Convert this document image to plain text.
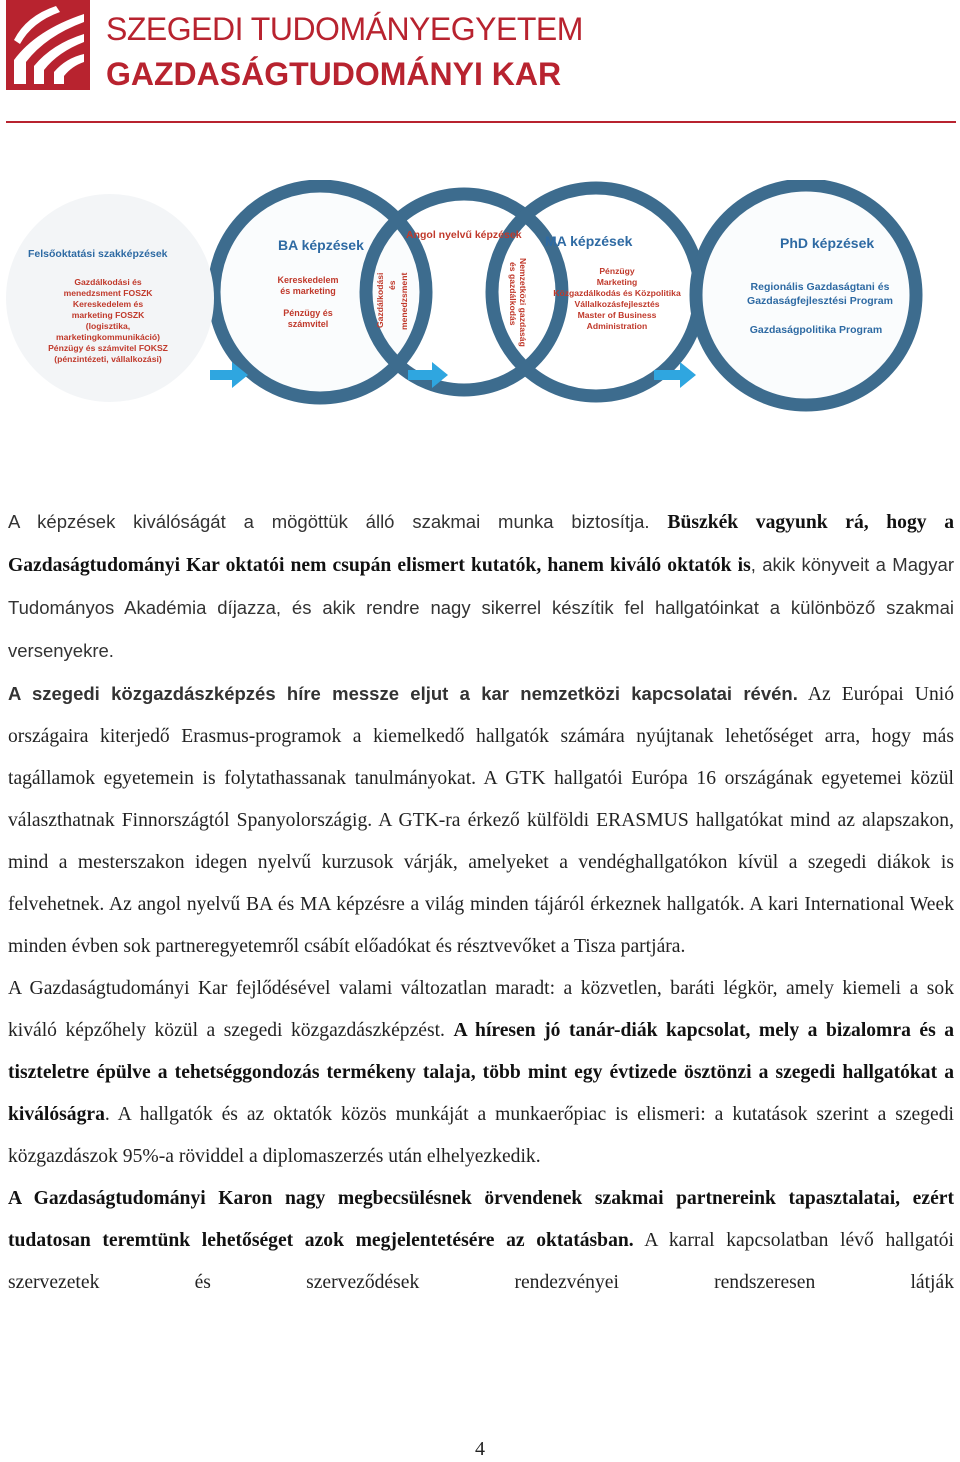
SZEGEDI TUDOMÁNYEGYETEM
GAZDASÁGTUDOMÁNYI KAR
Felsőoktatási szakképzések
Gazdálkodási és
menedzsment FOSZK
Kereskedelem és
marketing FOSZK
(logisztika,
marketingkommunikáció)
Pénzügy és számvitel FOKSZ
(pénzintézeti, vállalkozási)
BA képzések
Kereskedelem
és marketing
Pénzügy és
számvitel
Angol nyelvű képzések
Gazdálkodási és menedzsment	Nemzetközi gazdaság
és gazdálkodás
MA képzések
Pénzügy
Marketing
Közgazdálkodás és Közpolitika
Vállalkozásfejlesztés
Master of Business
Administration
PhD képzések
Regionális Gazdaságtani és
Gazdaságfejlesztési Program
Gazdaságpolitika Program

A képzések kiválóságát a mögöttük álló szakmai munka biztosítja. Büszkék vagyunk rá, hogy a Gazdaságtudományi Kar oktatói nem csupán elismert kutatók, hanem kiváló oktatók is, akik könyveit a Magyar Tudományos Akadémia díjazza, és akik rendre nagy sikerrel készítik fel hallgatóinkat a különböző szakmai versenyekre.

A szegedi közgazdászképzés híre messze eljut a kar nemzetközi kapcsolatai révén. Az Európai Unió országaira kiterjedő Erasmus-programok a kiemelkedő hallgatók számára nyújtanak lehetőséget arra, hogy más tagállamok egyetemein is folytathassanak tanulmányokat. A GTK hallgatói Európa 16 országának egyetemei közül választhatnak Finnországtól Spanyolországig. A GTK-ra érkező külföldi ERASMUS hallgatókat mind az alapszakon, mind a mesterszakon idegen nyelvű kurzusok várják, amelyeket a vendéghallgatókon kívül a szegedi diákok is felvehetnek. Az angol nyelvű BA és MA képzésre a világ minden tájáról érkeznek hallgatók. A kari International Week minden évben sok partneregyetemről csábít előadókat és résztvevőket a Tisza partjára.

A Gazdaságtudományi Kar fejlődésével valami változatlan maradt: a közvetlen, baráti légkör, amely kiemeli a sok kiváló képzőhely közül a szegedi közgazdászképzést. A híresen jó tanár-diák kapcsolat, mely a bizalomra és a tiszteletre épülve a tehetséggondozás termékeny talaja, több mint egy évtizede ösztönzi a szegedi hallgatókat a kiválóságra. A hallgatók és az oktatók közös munkáját a munkaerőpiac is elismeri: a kutatások szerint a szegedi közgazdászok 95%-a röviddel a diplomaszerzés után elhelyezkedik.

A Gazdaságtudományi Karon nagy megbecsülésnek örvendenek szakmai partnereink tapasztalatai, ezért tudatosan teremtünk lehetőséget azok megjelentetésére az oktatásban. A karral kapcsolatban lévő hallgatói szervezetek és szerveződések rendezvényei rendszeresen látják

4
